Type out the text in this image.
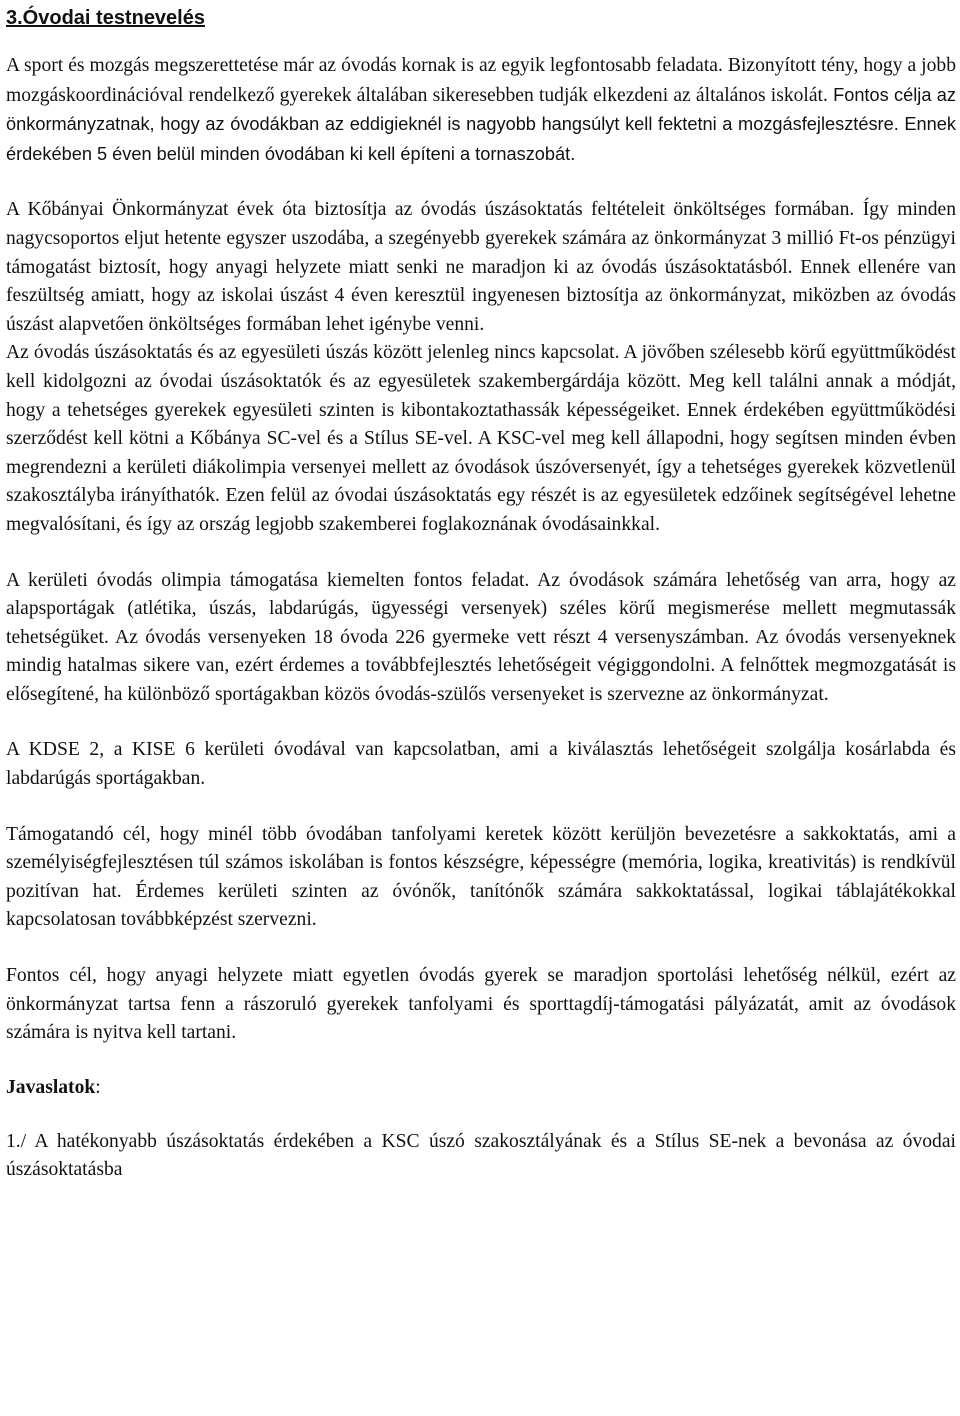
3.Óvodai testnevelés

A sport és mozgás megszerettetése már az óvodás kornak is az egyik legfontosabb feladata. Bizonyított tény, hogy a jobb mozgáskoordinációval rendelkező gyerekek általában sikeresebben tudják elkezdeni az általános iskolát. Fontos célja az önkormányzatnak, hogy az óvodákban az eddigieknél is nagyobb hangsúlyt kell fektetni a mozgásfejlesztésre. Ennek érdekében 5 éven belül minden óvodában ki kell építeni a tornaszobát.

A Kőbányai Önkormányzat évek óta biztosítja az óvodás úszásoktatás feltételeit önköltséges formában. Így minden nagycsoportos eljut hetente egyszer uszodába, a szegényebb gyerekek számára az önkormányzat 3 millió Ft-os pénzügyi támogatást biztosít, hogy anyagi helyzete miatt senki ne maradjon ki az óvodás úszásoktatásból. Ennek ellenére van feszültség amiatt, hogy az iskolai úszást 4 éven keresztül ingyenesen biztosítja az önkormányzat, miközben az óvodás úszást alapvetően önköltséges formában lehet igénybe venni.

Az óvodás úszásoktatás és az egyesületi úszás között jelenleg nincs kapcsolat. A jövőben szélesebb körű együttműködést kell kidolgozni az óvodai úszásoktatók és az egyesületek szakembergárdája között. Meg kell találni annak a módját, hogy a tehetséges gyerekek egyesületi szinten is kibontakoztathassák képességeiket. Ennek érdekében együttműködési szerződést kell kötni a Kőbánya SC-vel és a Stílus SE-vel. A KSC-vel meg kell állapodni, hogy segítsen minden évben megrendezni a kerületi diákolimpia versenyei mellett az óvodások úszóversenyét, így a tehetséges gyerekek közvetlenül szakosztályba irányíthatók. Ezen felül az óvodai úszásoktatás egy részét is az egyesületek edzőinek segítségével lehetne megvalósítani, és így az ország legjobb szakemberei foglakoznának óvodásainkkal.

A kerületi óvodás olimpia támogatása kiemelten fontos feladat. Az óvodások számára lehetőség van arra, hogy az alapsportágak (atlétika, úszás, labdarúgás, ügyességi versenyek) széles körű megismerése mellett megmutassák tehetségüket. Az óvodás versenyeken 18 óvoda 226 gyermeke vett részt 4 versenyszámban. Az óvodás versenyeknek mindig hatalmas sikere van, ezért érdemes a továbbfejlesztés lehetőségeit végiggondolni. A felnőttek megmozgatását is elősegítené, ha különböző sportágakban közös óvodás-szülős versenyeket is szervezne az önkormányzat.

A KDSE 2, a KISE 6 kerületi óvodával van kapcsolatban, ami a kiválasztás lehetőségeit szolgálja kosárlabda és labdarúgás sportágakban.

Támogatandó cél, hogy minél több óvodában tanfolyami keretek között kerüljön bevezetésre a sakkoktatás, ami a személyiségfejlesztésen túl számos iskolában is fontos készségre, képességre (memória, logika, kreativitás) is rendkívül pozitívan hat. Érdemes kerületi szinten az óvónők, tanítónők számára sakkoktatással, logikai táblajátékokkal kapcsolatosan továbbképzést szervezni.

Fontos cél, hogy anyagi helyzete miatt egyetlen óvodás gyerek se maradjon sportolási lehetőség nélkül, ezért az önkormányzat tartsa fenn a rászoruló gyerekek tanfolyami és sporttagdíj-támogatási pályázatát, amit az óvodások számára is nyitva kell tartani.

Javaslatok:

1./ A hatékonyabb úszásoktatás érdekében a KSC úszó szakosztályának és a Stílus SE-nek a bevonása az óvodai úszásoktatásba
